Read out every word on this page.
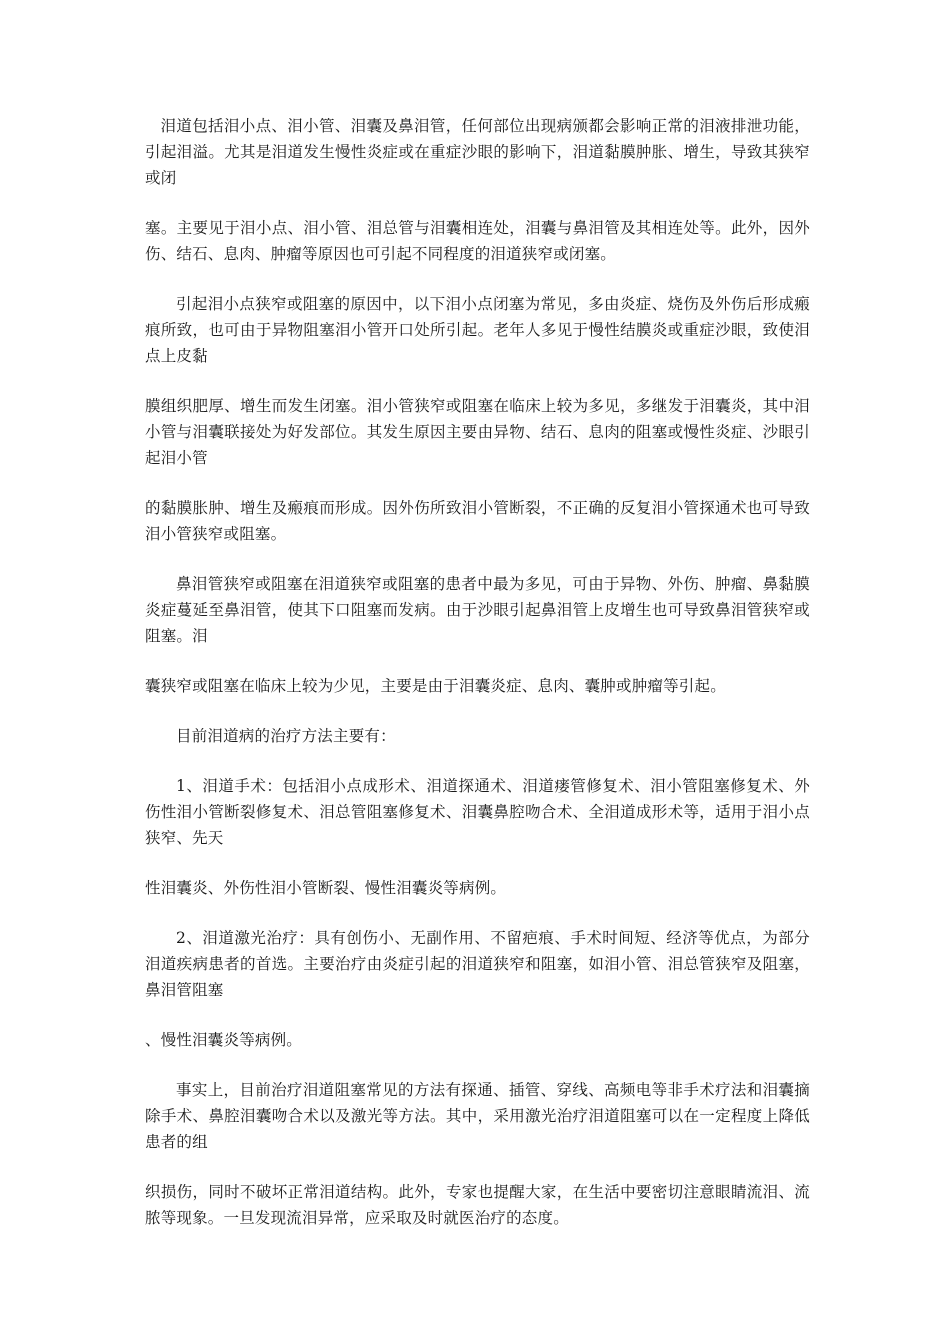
泪道包括泪小点、泪小管、泪囊及鼻泪管，任何部位出现病颁都会影响正常的泪液排泄功能，引起泪溢。尤其是泪道发生慢性炎症或在重症沙眼的影响下，泪道黏膜肿胀、增生，导致其狭窄或闭

塞。主要见于泪小点、泪小管、泪总管与泪囊相连处，泪囊与鼻泪管及其相连处等。此外，因外伤、结石、息肉、肿瘤等原因也可引起不同程度的泪道狭窄或闭塞。

引起泪小点狭窄或阻塞的原因中，以下泪小点闭塞为常见，多由炎症、烧伤及外伤后形成瘢痕所致，也可由于异物阻塞泪小管开口处所引起。老年人多见于慢性结膜炎或重症沙眼，致使泪点上皮黏

膜组织肥厚、增生而发生闭塞。泪小管狭窄或阻塞在临床上较为多见，多继发于泪囊炎，其中泪小管与泪囊联接处为好发部位。其发生原因主要由异物、结石、息肉的阻塞或慢性炎症、沙眼引起泪小管

的黏膜胀肿、增生及瘢痕而形成。因外伤所致泪小管断裂，不正确的反复泪小管探通术也可导致泪小管狭窄或阻塞。

鼻泪管狭窄或阻塞在泪道狭窄或阻塞的患者中最为多见，可由于异物、外伤、肿瘤、鼻黏膜炎症蔓延至鼻泪管，使其下口阻塞而发病。由于沙眼引起鼻泪管上皮增生也可导致鼻泪管狭窄或阻塞。泪

囊狭窄或阻塞在临床上较为少见，主要是由于泪囊炎症、息肉、囊肿或肿瘤等引起。

目前泪道病的治疗方法主要有：

1、泪道手术：包括泪小点成形术、泪道探通术、泪道瘘管修复术、泪小管阻塞修复术、外伤性泪小管断裂修复术、泪总管阻塞修复术、泪囊鼻腔吻合术、全泪道成形术等，适用于泪小点狭窄、先天

性泪囊炎、外伤性泪小管断裂、慢性泪囊炎等病例。

2、泪道激光治疗：具有创伤小、无副作用、不留疤痕、手术时间短、经济等优点，为部分泪道疾病患者的首选。主要治疗由炎症引起的泪道狭窄和阻塞，如泪小管、泪总管狭窄及阻塞，鼻泪管阻塞

、慢性泪囊炎等病例。

事实上，目前治疗泪道阻塞常见的方法有探通、插管、穿线、高频电等非手术疗法和泪囊摘除手术、鼻腔泪囊吻合术以及激光等方法。其中，采用激光治疗泪道阻塞可以在一定程度上降低患者的组

织损伤，同时不破坏正常泪道结构。此外，专家也提醒大家，在生活中要密切注意眼睛流泪、流脓等现象。一旦发现流泪异常，应采取及时就医治疗的态度。
